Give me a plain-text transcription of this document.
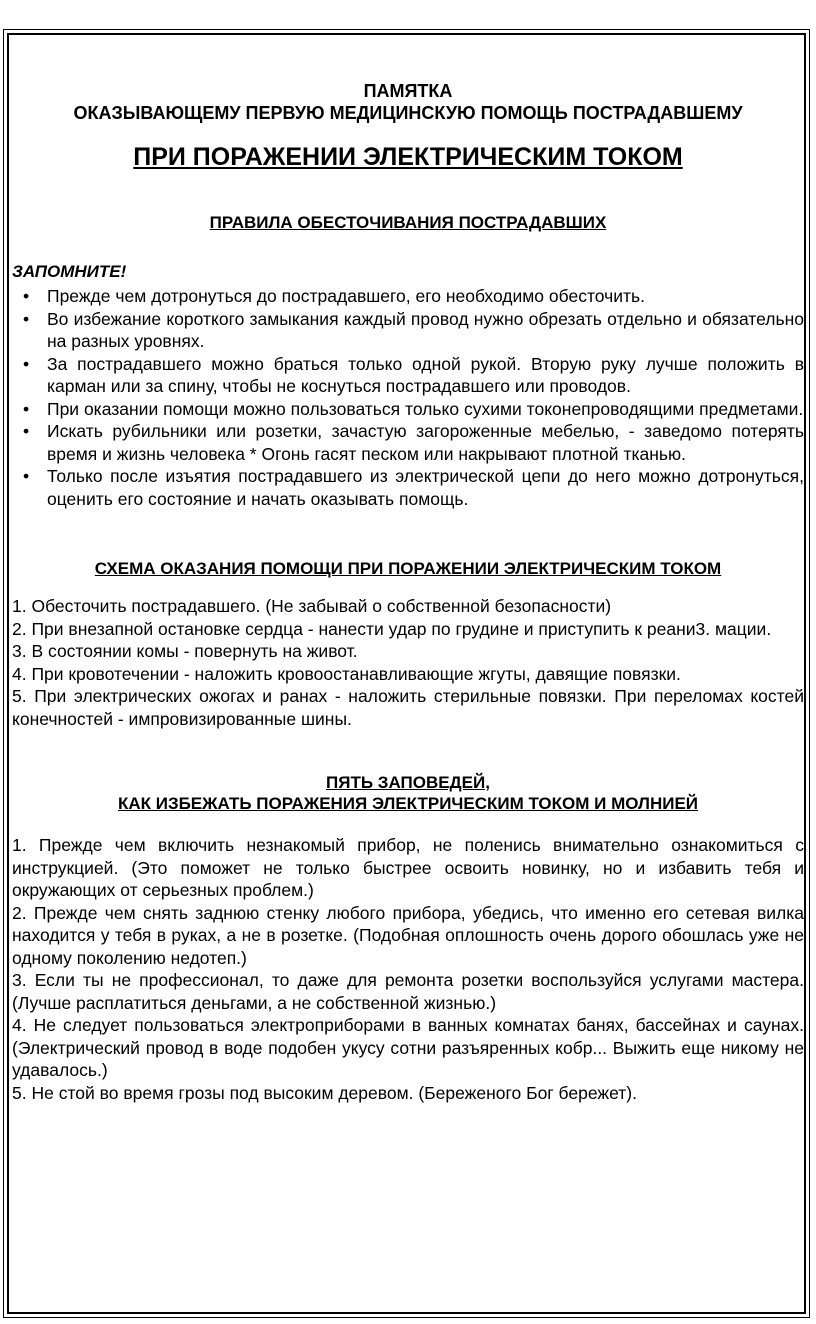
ПАМЯТКА
ОКАЗЫВАЮЩЕМУ ПЕРВУЮ МЕДИЦИНСКУЮ ПОМОЩЬ ПОСТРАДАВШЕМУ
ПРИ ПОРАЖЕНИИ ЭЛЕКТРИЧЕСКИМ ТОКОМ
ПРАВИЛА ОБЕСТОЧИВАНИЯ ПОСТРАДАВШИХ
ЗАПОМНИТЕ!
• Прежде чем дотронуться до пострадавшего, его необходимо обесточить.
• Во избежание короткого замыкания каждый провод нужно обрезать отдельно и обязательно на разных уровнях.
• За пострадавшего можно браться только одной рукой. Вторую руку лучше положить в карман или за спину, чтобы не коснуться пострадавшего или проводов.
• При оказании помощи можно пользоваться только сухими токонепроводящими предметами.
• Искать рубильники или розетки, зачастую загороженные мебелью, - заведомо потерять время и жизнь человека * Огонь гасят песком или накрывают плотной тканью.
• Только после изъятия пострадавшего из электрической цепи до него можно дотронуться, оценить его состояние и начать оказывать помощь.
СХЕМА ОКАЗАНИЯ ПОМОЩИ ПРИ ПОРАЖЕНИИ ЭЛЕКТРИЧЕСКИМ ТОКОМ
1. Обесточить пострадавшего. (Не забывай о собственной безопасности)
2. При внезапной остановке сердца - нанести удар по грудине и приступить к реани3. мации.
3. В состоянии комы - повернуть на живот.
4. При кровотечении - наложить кровоостанавливающие жгуты, давящие повязки.
5. При электрических ожогах и ранах - наложить стерильные повязки. При переломах костей конечностей - импровизированные шины.
ПЯТЬ ЗАПОВЕДЕЙ,
КАК ИЗБЕЖАТЬ ПОРАЖЕНИЯ ЭЛЕКТРИЧЕСКИМ ТОКОМ И МОЛНИЕЙ
1. Прежде чем включить незнакомый прибор, не поленись внимательно ознакомиться с инструкцией. (Это поможет не только быстрее освоить новинку, но и избавить тебя и окружающих от серьезных проблем.)
2. Прежде чем снять заднюю стенку любого прибора, убедись, что именно его сетевая вилка находится у тебя в руках, а не в розетке. (Подобная оплошность очень дорого обошлась уже не одному поколению недотеп.)
3. Если ты не профессионал, то даже для ремонта розетки воспользуйся услугами мастера. (Лучше расплатиться деньгами, а не собственной жизнью.)
4. Не следует пользоваться электроприборами в ванных комнатах банях, бассейнах и саунах. (Электрический провод в воде подобен укусу сотни разъяренных кобр... Выжить еще никому не удавалось.)
5. Не стой во время грозы под высоким деревом. (Береженого Бог бережет).
